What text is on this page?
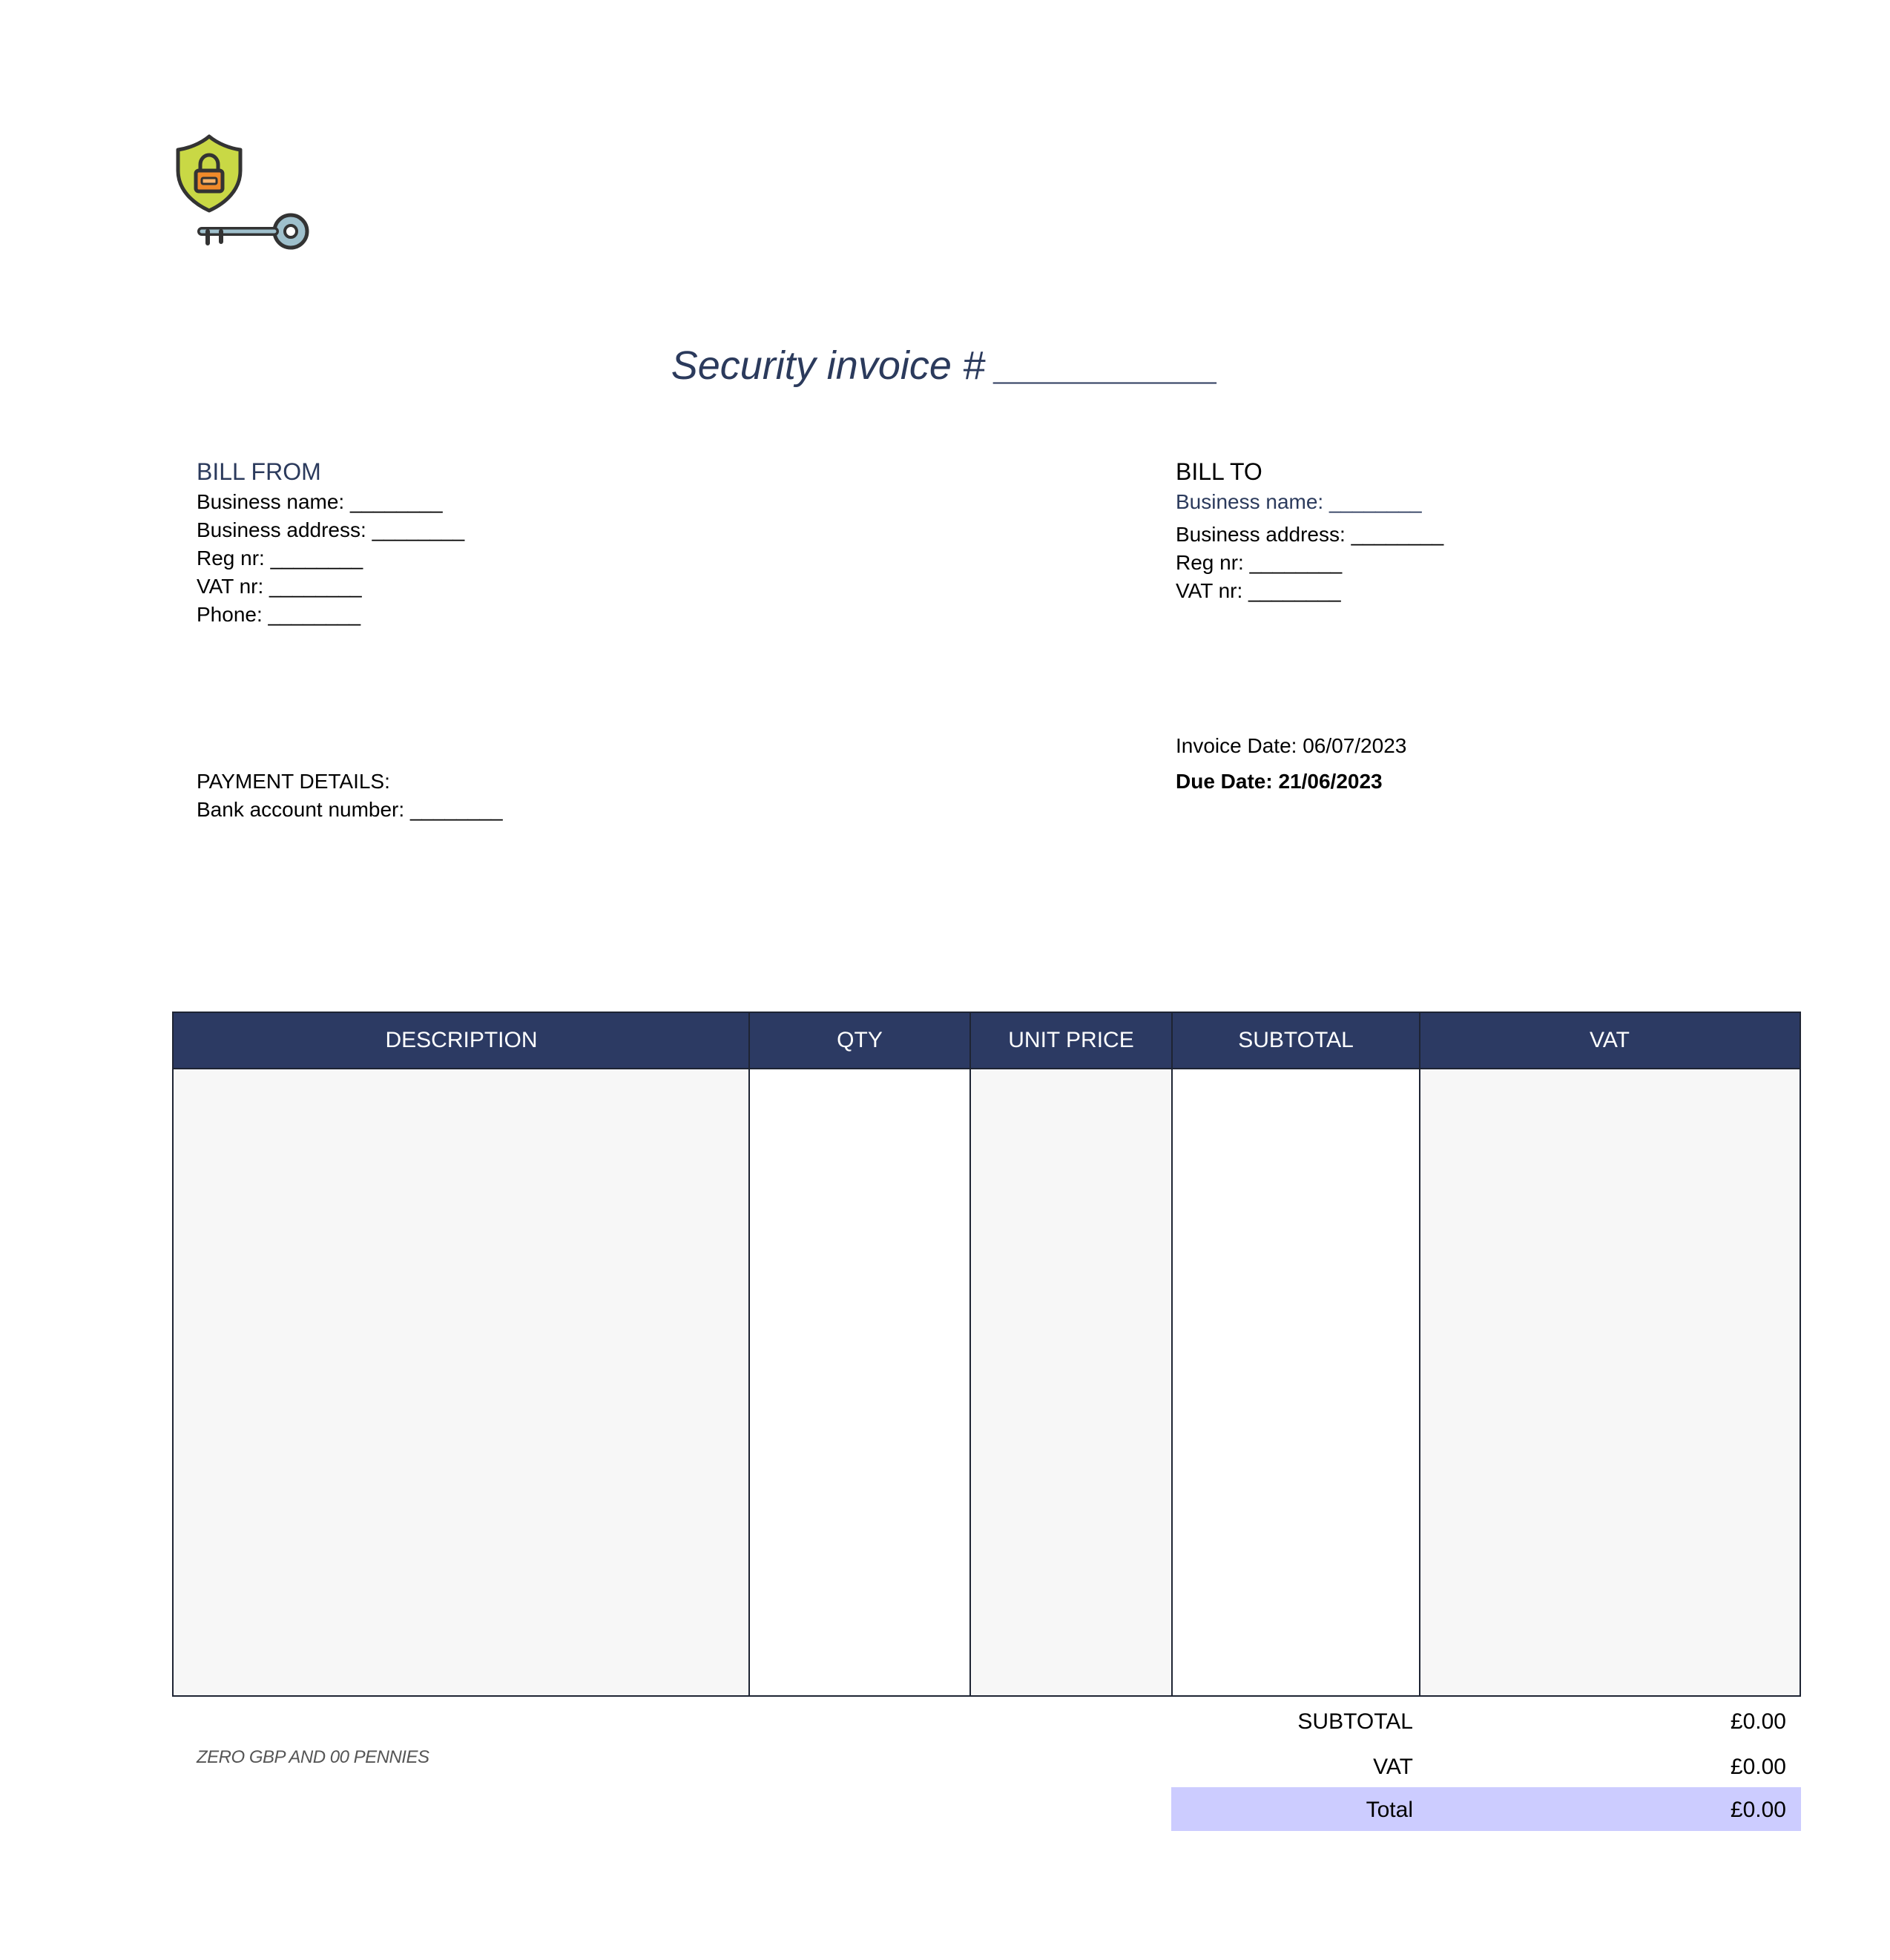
Security invoice # __________
BILL FROM
Business name: ________
Business address: ________
Reg nr: ________
VAT nr: ________
Phone: ________
BILL TO
Business name: ________
Business address: ________
Reg nr: ________
VAT nr: ________
PAYMENT DETAILS:
Bank account number: ________
Invoice Date: 06/07/2023
Due Date: 21/06/2023
DESCRIPTION	QTY	UNIT PRICE	SUBTOTAL	VAT
ZERO GBP AND 00 PENNIES
SUBTOTAL	£0.00
VAT	£0.00
Total	£0.00
